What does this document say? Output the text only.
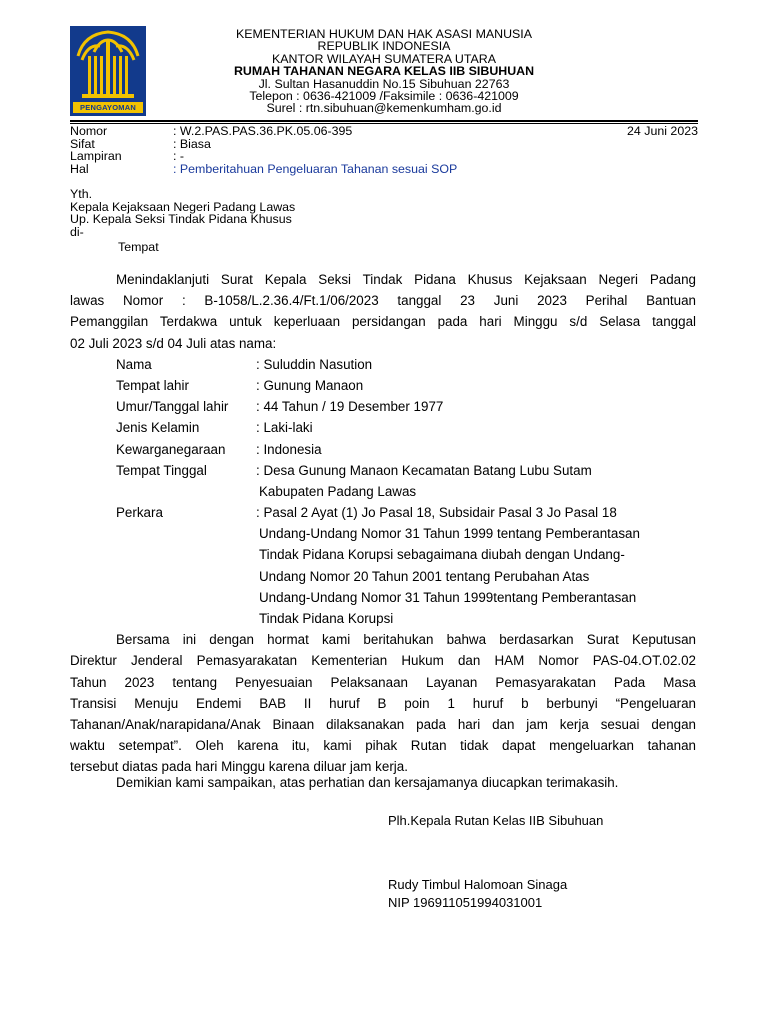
PENGAYOMAN
KEMENTERIAN HUKUM DAN HAK ASASI MANUSIA
REPUBLIK INDONESIA
KANTOR WILAYAH SUMATERA UTARA
RUMAH TAHANAN NEGARA KELAS IIB SIBUHUAN
Jl. Sultan Hasanuddin No.15 Sibuhuan 22763
Telepon : 0636-421009 /Faksimile : 0636-421009
Surel : rtn.sibuhuan@kemenkumham.go.id
Nomor	: W.2.PAS.PAS.36.PK.05.06-395	24 Juni 2023
Sifat	: Biasa
Lampiran	: -
Hal	: Pemberitahuan Pengeluaran Tahanan sesuai SOP
Yth.
Kepala Kejaksaan Negeri Padang Lawas
Up. Kepala Seksi Tindak Pidana Khusus
di-
Tempat
Menindaklanjuti Surat Kepala Seksi Tindak Pidana Khusus Kejaksaan Negeri Padang
lawas Nomor : B-1058/L.2.36.4/Ft.1/06/2023 tanggal 23 Juni 2023 Perihal Bantuan
Pemanggilan Terdakwa untuk keperluaan persidangan pada hari Minggu s/d Selasa tanggal
02 Juli 2023 s/d 04 Juli atas nama:
Nama	: Suluddin Nasution
Tempat lahir	: Gunung Manaon
Umur/Tanggal lahir : 44 Tahun / 19 Desember 1977
Jenis Kelamin	: Laki-laki
Kewarganegaraan : Indonesia
Tempat Tinggal	: Desa Gunung Manaon Kecamatan Batang Lubu Sutam
Kabupaten Padang Lawas
Perkara	: Pasal 2 Ayat (1) Jo Pasal 18, Subsidair Pasal 3 Jo Pasal 18
Undang-Undang Nomor 31 Tahun 1999 tentang Pemberantasan
Tindak Pidana Korupsi sebagaimana diubah dengan Undang-
Undang Nomor 20 Tahun 2001 tentang Perubahan Atas
Undang-Undang Nomor 31 Tahun 1999tentang Pemberantasan
Tindak Pidana Korupsi
Bersama ini dengan hormat kami beritahukan bahwa berdasarkan Surat Keputusan
Direktur Jenderal Pemasyarakatan Kementerian Hukum dan HAM Nomor PAS-04.OT.02.02
Tahun 2023 tentang Penyesuaian Pelaksanaan Layanan Pemasyarakatan Pada Masa
Transisi Menuju Endemi BAB II huruf B poin 1 huruf b berbunyi “Pengeluaran
Tahanan/Anak/narapidana/Anak Binaan dilaksanakan pada hari dan jam kerja sesuai dengan
waktu setempat”. Oleh karena itu, kami pihak Rutan tidak dapat mengeluarkan tahanan
tersebut diatas pada hari Minggu karena diluar jam kerja.
Demikian kami sampaikan, atas perhatian dan kersajamanya diucapkan terimakasih.
Plh.Kepala Rutan Kelas IIB Sibuhuan
Rudy Timbul Halomoan Sinaga
NIP 196911051994031001
